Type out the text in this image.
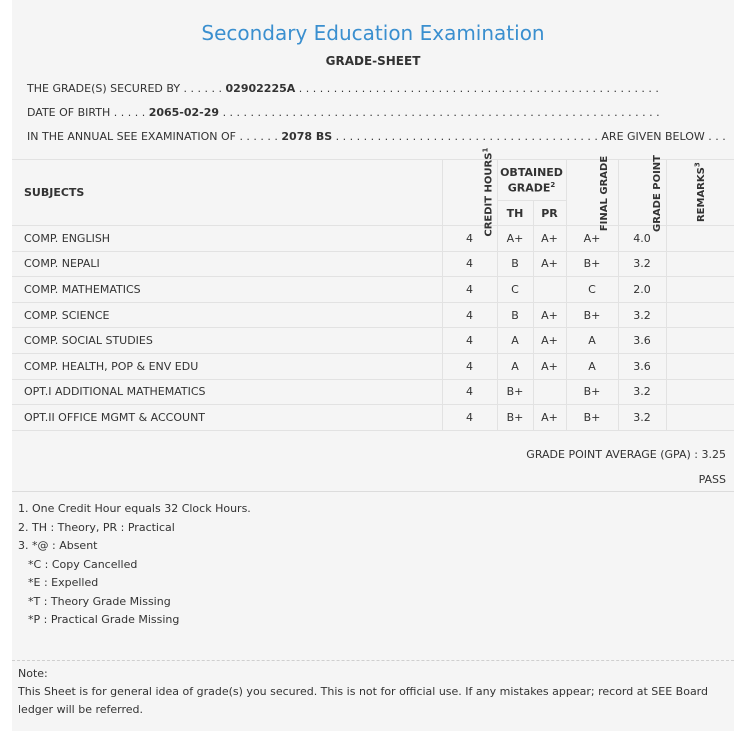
Secondary Education Examination
GRADE-SHEET
THE GRADE(S) SECURED BY . . . . . . 02902225A . . . . . . . . . . . . . . . . . . . . . . . . . . . . . . . . . . . . . . . . . . . . . . . . . . . .
DATE OF BIRTH . . . . . 2065-02-29 . . . . . . . . . . . . . . . . . . . . . . . . . . . . . . . . . . . . . . . . . . . . . . . . . . . . . . . . . . . . . . .
IN THE ANNUAL SEE EXAMINATION OF . . . . . . 2078 BS . . . . . . . . . . . . . . . . . . . . . . . . . . . . . . . . . . . . . . ARE GIVEN BELOW . . .
SUBJECTS	CREDIT HOURS$^1$	OBTAINED GRADE$^2$		FINAL GRADE	GRADE POINT	REMARKS$^3$
		TH	PR			
COMP. ENGLISH	4	A+	A+	A+	4.0	
COMP. NEPALI	4	B	A+	B+	3.2	
COMP. MATHEMATICS	4	C		C	2.0	
COMP. SCIENCE	4	B	A+	B+	3.2	
COMP. SOCIAL STUDIES	4	A	A+	A	3.6	
COMP. HEALTH, POP & ENV EDU	4	A	A+	A	3.6	
OPT.I ADDITIONAL MATHEMATICS	4	B+		B+	3.2	
OPT.II OFFICE MGMT & ACCOUNT	4	B+	A+	B+	3.2	
GRADE POINT AVERAGE (GPA) : 3.25
PASS
1. One Credit Hour equals 32 Clock Hours.
2. TH : Theory, PR : Practical
3. *@ : Absent
*C : Copy Cancelled
*E : Expelled
*T : Theory Grade Missing
*P : Practical Grade Missing
Note:
This Sheet is for general idea of grade(s) you secured. This is not for official use. If any mistakes appear; record at SEE Board ledger will be referred.
